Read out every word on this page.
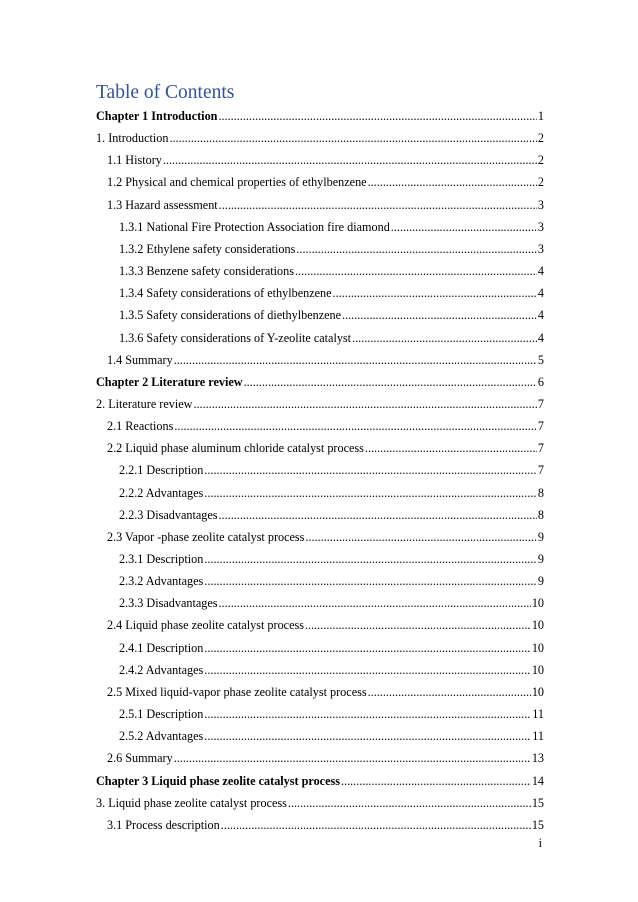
Table of Contents
Chapter 1 Introduction .....	1
1. Introduction .....	2
1.1 History .....	2
1.2 Physical and chemical properties of ethylbenzene .....	2
1.3 Hazard assessment .....	3
1.3.1 National Fire Protection Association fire diamond .....	3
1.3.2 Ethylene safety considerations .....	3
1.3.3 Benzene safety considerations .....	4
1.3.4 Safety considerations of ethylbenzene .....	4
1.3.5 Safety considerations of diethylbenzene .....	4
1.3.6 Safety considerations of Y-zeolite catalyst .....	4
1.4 Summary .....	5
Chapter 2 Literature review .....	6
2. Literature review .....	7
2.1 Reactions .....	7
2.2 Liquid phase aluminum chloride catalyst process .....	7
2.2.1 Description .....	7
2.2.2 Advantages .....	8
2.2.3 Disadvantages .....	8
2.3 Vapor -phase zeolite catalyst process .....	9
2.3.1 Description .....	9
2.3.2 Advantages .....	9
2.3.3 Disadvantages .....	10
2.4 Liquid phase zeolite catalyst process .....	10
2.4.1 Description .....	10
2.4.2 Advantages .....	10
2.5 Mixed liquid-vapor phase zeolite catalyst process .....	10
2.5.1 Description .....	11
2.5.2 Advantages .....	11
2.6 Summary .....	13
Chapter 3 Liquid phase zeolite catalyst process .....	14
3. Liquid phase zeolite catalyst process .....	15
3.1 Process description .....	15
i
